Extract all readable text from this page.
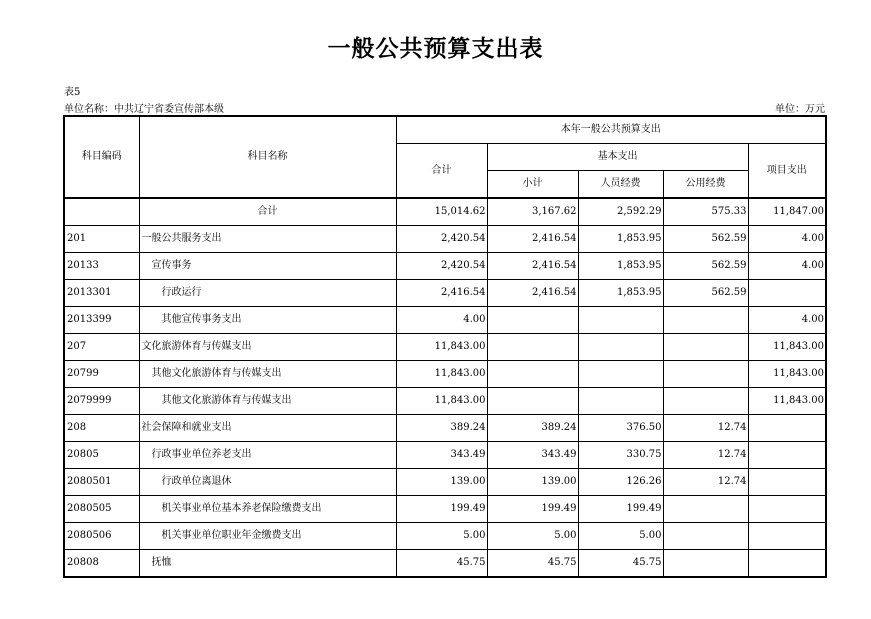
一般公共预算支出表
表5
单位名称：中共辽宁省委宣传部本级	单位：万元
科目编码	科目名称	本年一般公共预算支出				
		合计	基本支出			项目支出
			小计	人员经费	公用经费	
	合计	15,014.62	3,167.62	2,592.29	575.33	11,847.00
201	一般公共服务支出	2,420.54	2,416.54	1,853.95	562.59	4.00
20133	宣传事务	2,420.54	2,416.54	1,853.95	562.59	4.00
2013301	行政运行	2,416.54	2,416.54	1,853.95	562.59	
2013399	其他宣传事务支出	4.00				4.00
207	文化旅游体育与传媒支出	11,843.00				11,843.00
20799	其他文化旅游体育与传媒支出	11,843.00				11,843.00
2079999	其他文化旅游体育与传媒支出	11,843.00				11,843.00
208	社会保障和就业支出	389.24	389.24	376.50	12.74	
20805	行政事业单位养老支出	343.49	343.49	330.75	12.74	
2080501	行政单位离退休	139.00	139.00	126.26	12.74	
2080505	机关事业单位基本养老保险缴费支出	199.49	199.49	199.49		
2080506	机关事业单位职业年金缴费支出	5.00	5.00	5.00		
20808	抚恤	45.75	45.75	45.75		
